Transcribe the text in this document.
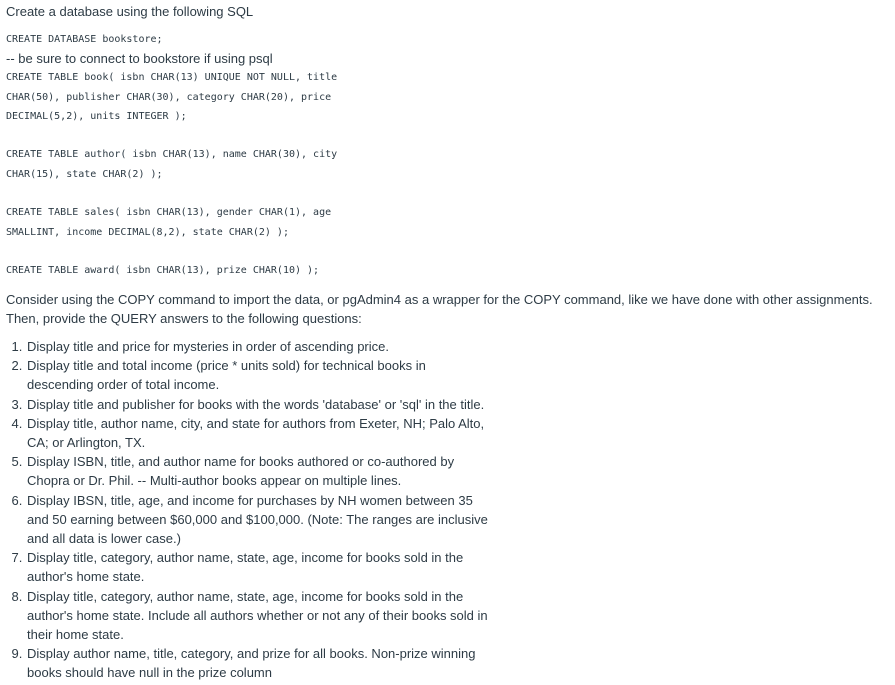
Create a database using the following SQL
CREATE DATABASE bookstore;
-- be sure to connect to bookstore if using psql
CREATE TABLE book( isbn CHAR(13) UNIQUE NOT NULL, title
CHAR(50), publisher CHAR(30), category CHAR(20), price
DECIMAL(5,2), units INTEGER );
CREATE TABLE author( isbn CHAR(13), name CHAR(30), city
CHAR(15), state CHAR(2) );
CREATE TABLE sales( isbn CHAR(13), gender CHAR(1), age
SMALLINT, income DECIMAL(8,2), state CHAR(2) );
CREATE TABLE award( isbn CHAR(13), prize CHAR(10) );
Consider using the COPY command to import the data, or pgAdmin4 as a wrapper for the COPY command, like we have done with other assignments. Then, provide the QUERY answers to the following questions:
1. Display title and price for mysteries in order of ascending price.
2. Display title and total income (price * units sold) for technical books in descending order of total income.
3. Display title and publisher for books with the words 'database' or 'sql' in the title.
4. Display title, author name, city, and state for authors from Exeter, NH; Palo Alto, CA; or Arlington, TX.
5. Display ISBN, title, and author name for books authored or co-authored by Chopra or Dr. Phil. -- Multi-author books appear on multiple lines.
6. Display IBSN, title, age, and income for purchases by NH women between 35 and 50 earning between $60,000 and $100,000. (Note: The ranges are inclusive and all data is lower case.)
7. Display title, category, author name, state, age, income for books sold in the author's home state.
8. Display title, category, author name, state, age, income for books sold in the author's home state. Include all authors whether or not any of their books sold in their home state.
9. Display author name, title, category, and prize for all books. Non-prize winning books should have null in the prize column
